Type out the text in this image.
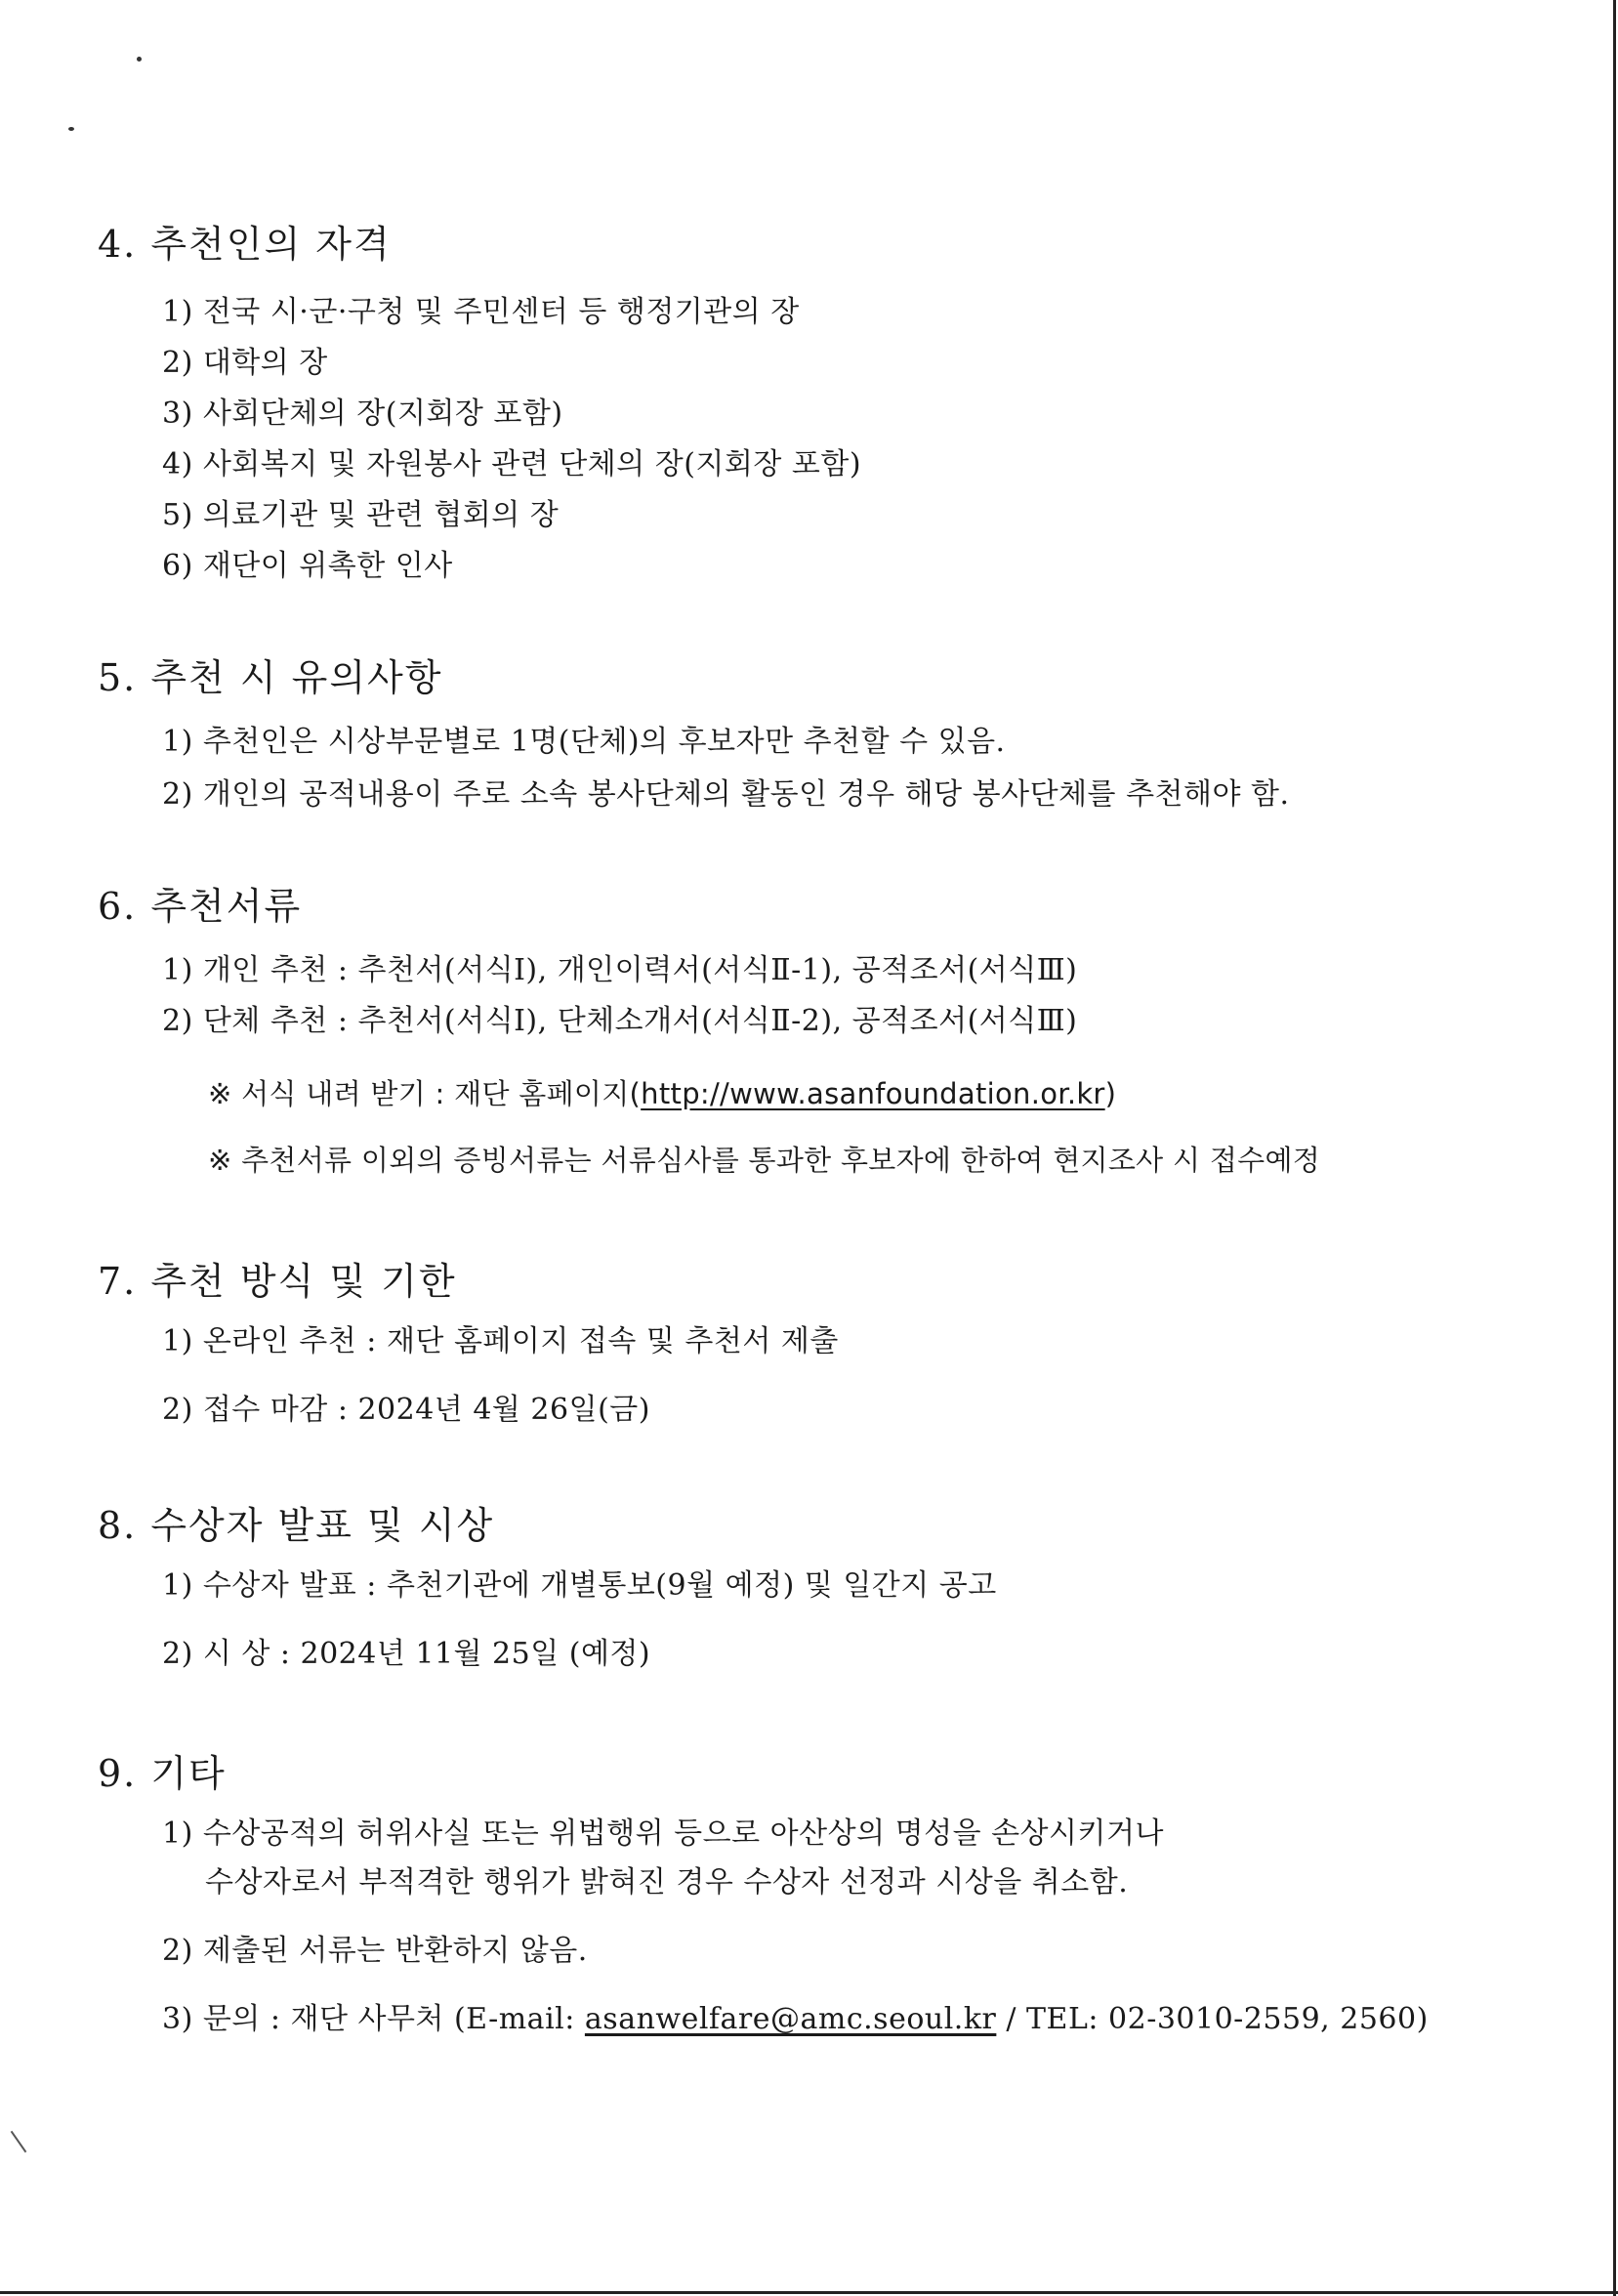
4. 추천인의 자격
1) 전국 시·군·구청 및 주민센터 등 행정기관의 장
2) 대학의 장
3) 사회단체의 장(지회장 포함)
4) 사회복지 및 자원봉사 관련 단체의 장(지회장 포함)
5) 의료기관 및 관련 협회의 장
6) 재단이 위촉한 인사
5. 추천 시 유의사항
1) 추천인은 시상부문별로 1명(단체)의 후보자만 추천할 수 있음.
2) 개인의 공적내용이 주로 소속 봉사단체의 활동인 경우 해당 봉사단체를 추천해야 함.
6. 추천서류
1) 개인 추천 : 추천서(서식Ⅰ), 개인이력서(서식Ⅱ-1), 공적조서(서식Ⅲ)
2) 단체 추천 : 추천서(서식Ⅰ), 단체소개서(서식Ⅱ-2), 공적조서(서식Ⅲ)
※ 서식 내려 받기 : 재단 홈페이지(http://www.asanfoundation.or.kr)
※ 추천서류 이외의 증빙서류는 서류심사를 통과한 후보자에 한하여 현지조사 시 접수예정
7. 추천 방식 및 기한
1) 온라인 추천 : 재단 홈페이지 접속 및 추천서 제출
2) 접수 마감 : 2024년 4월 26일(금)
8. 수상자 발표 및 시상
1) 수상자 발표 : 추천기관에 개별통보(9월 예정) 및 일간지 공고
2) 시 상 : 2024년 11월 25일 (예정)
9. 기타
1) 수상공적의 허위사실 또는 위법행위 등으로 아산상의 명성을 손상시키거나
수상자로서 부적격한 행위가 밝혀진 경우 수상자 선정과 시상을 취소함.
2) 제출된 서류는 반환하지 않음.
3) 문의 : 재단 사무처 (E-mail: asanwelfare@amc.seoul.kr / TEL: 02-3010-2559, 2560)
